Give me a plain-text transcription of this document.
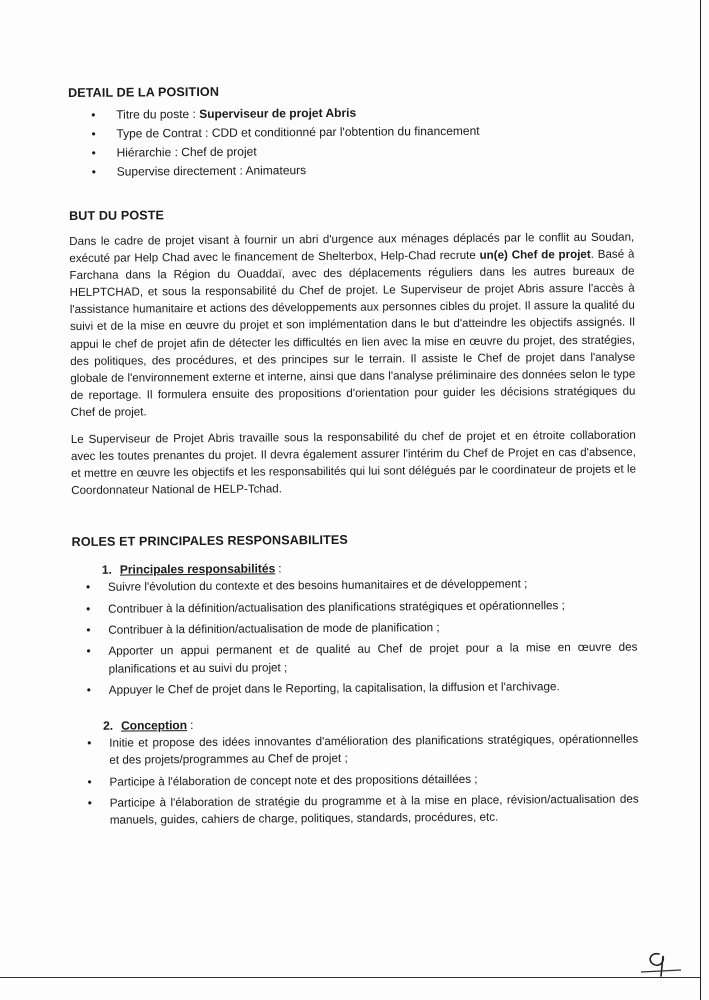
DETAIL DE LA POSITION
• Titre du poste : Superviseur de projet Abris
• Type de Contrat : CDD et conditionné par l'obtention du financement
• Hiérarchie : Chef de projet
• Supervise directement : Animateurs
BUT DU POSTE

Dans le cadre de projet visant à fournir un abri d'urgence aux ménages déplacés par le conflit au Soudan, exécuté par Help Chad avec le financement de Shelterbox, Help-Chad recrute un(e) Chef de projet. Basé à Farchana dans la Région du Ouaddaï, avec des déplacements réguliers dans les autres bureaux de HELPTCHAD, et sous la responsabilité du Chef de projet. Le Superviseur de projet Abris assure l'accès à l'assistance humanitaire et actions des développements aux personnes cibles du projet. Il assure la qualité du suivi et de la mise en œuvre du projet et son implémentation dans le but d'atteindre les objectifs assignés. Il appui le chef de projet afin de détecter les difficultés en lien avec la mise en œuvre du projet, des stratégies, des politiques, des procédures, et des principes sur le terrain. Il assiste le Chef de projet dans l'analyse globale de l'environnement externe et interne, ainsi que dans l'analyse préliminaire des données selon le type de reportage. Il formulera ensuite des propositions d'orientation pour guider les décisions stratégiques du Chef de projet.

Le Superviseur de Projet Abris travaille sous la responsabilité du chef de projet et en étroite collaboration avec les toutes prenantes du projet. Il devra également assurer l'intérim du Chef de Projet en cas d'absence, et mettre en œuvre les objectifs et les responsabilités qui lui sont délégués par le coordinateur de projets et le Coordonnateur National de HELP-Tchad.

ROLES ET PRINCIPALES RESPONSABILITES
1. Principales responsabilités :
• Suivre l'évolution du contexte et des besoins humanitaires et de développement ;
• Contribuer à la définition/actualisation des planifications stratégiques et opérationnelles ;
• Contribuer à la définition/actualisation de mode de planification ;
• Apporter un appui permanent et de qualité au Chef de projet pour a la mise en œuvre des planifications et au suivi du projet ;
• Appuyer le Chef de projet dans le Reporting, la capitalisation, la diffusion et l'archivage.
2. Conception :
• Initie et propose des idées innovantes d'amélioration des planifications stratégiques, opérationnelles et des projets/programmes au Chef de projet ;
• Participe à l'élaboration de concept note et des propositions détaillées ;
• Participe à l'élaboration de stratégie du programme et à la mise en place, révision/actualisation des manuels, guides, cahiers de charge, politiques, standards, procédures, etc.
